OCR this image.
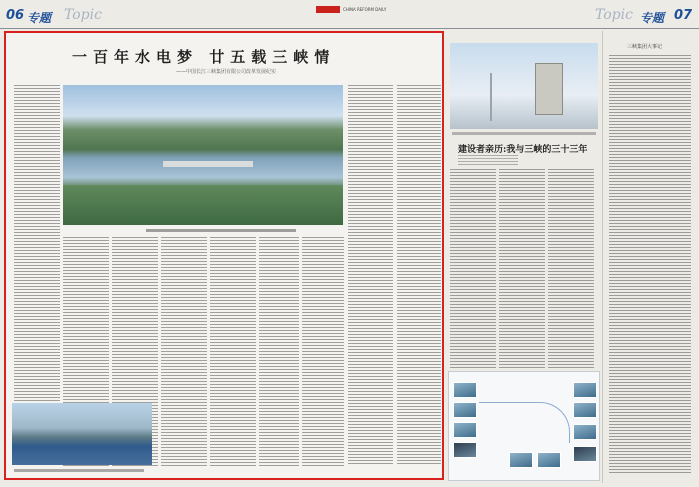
06 专题 Topic	CHINA REFORM DAILY	Topic 专题 07
一百年水电梦 廿五载三峡情
——中国长江三峡集团有限公司改革发展纪实
建设者亲历:我与三峡的三十三年
三峡集团大事记
